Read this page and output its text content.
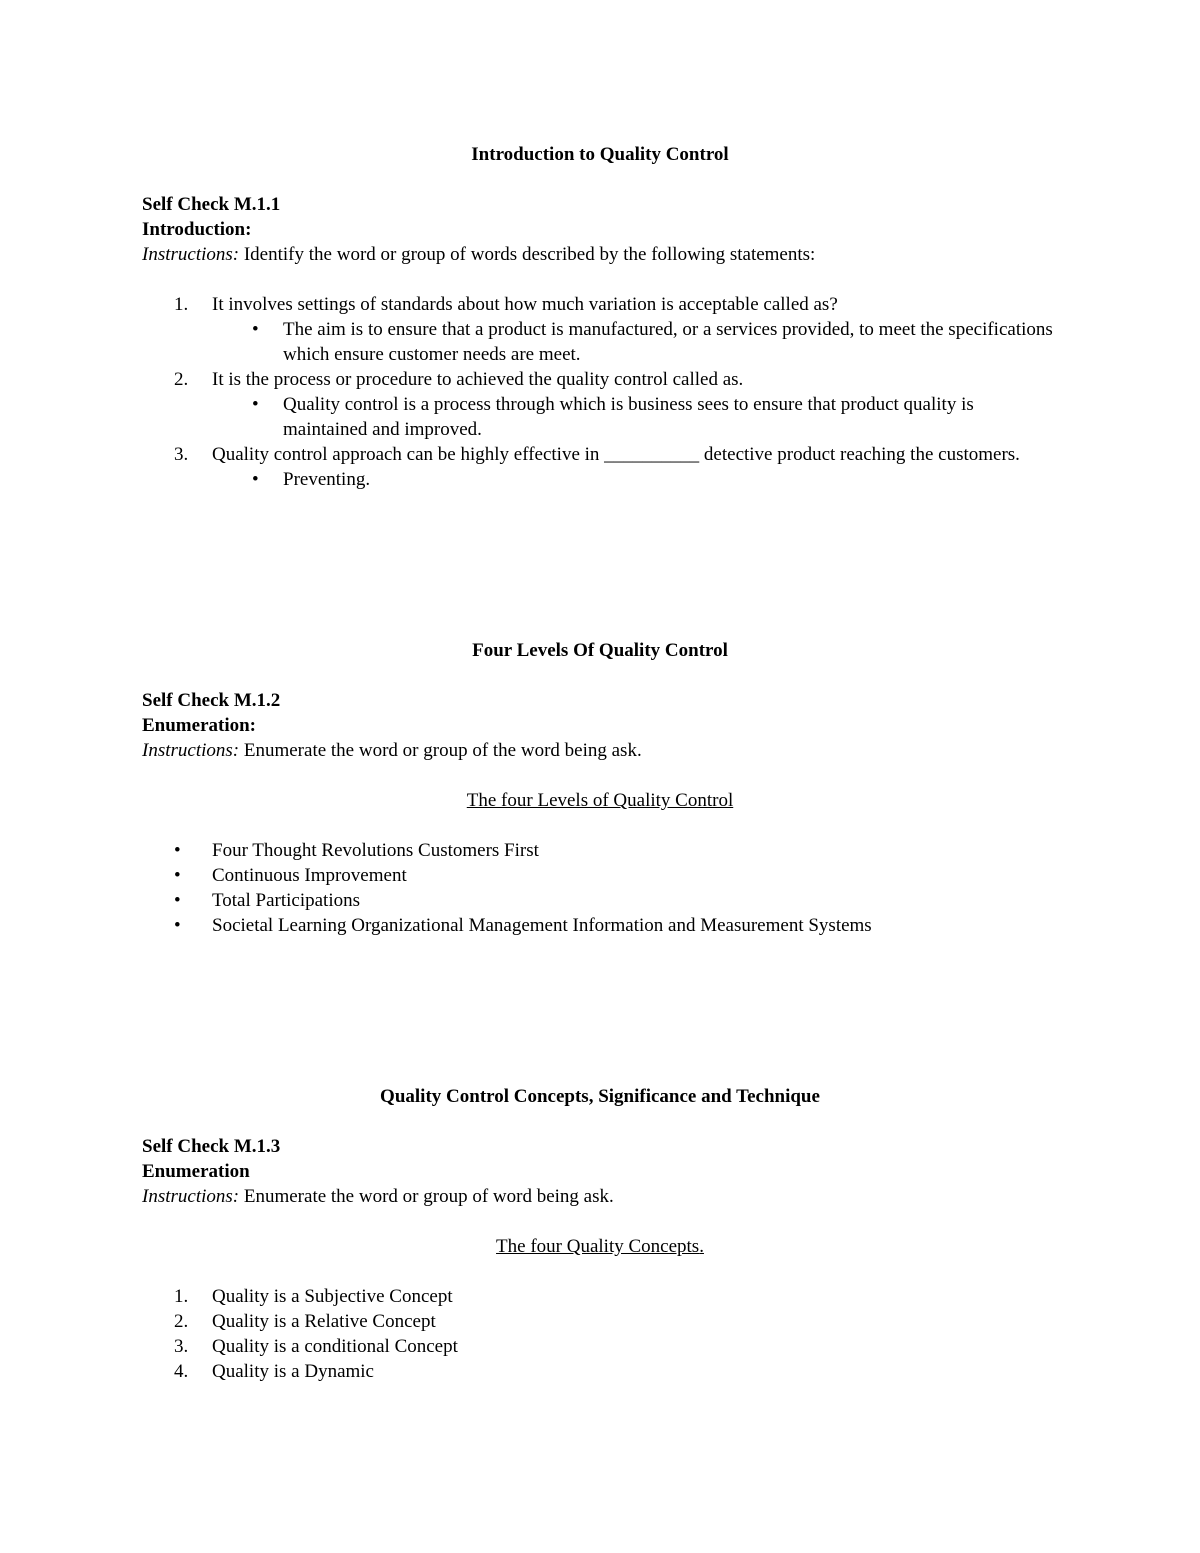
Introduction to Quality Control

Self Check M.1.1

Introduction:

Instructions: Identify the word or group of words described by the following statements:

1. It involves settings of standards about how much variation is acceptable called as?
• The aim is to ensure that a product is manufactured, or a services provided, to meet the specifications which ensure customer needs are meet.
2. It is the process or procedure to achieved the quality control called as.
• Quality control is a process through which is business sees to ensure that product quality is maintained and improved.
3. Quality control approach can be highly effective in __________ detective product reaching the customers.
• Preventing.

Four Levels Of Quality Control

Self Check M.1.2

Enumeration:

Instructions: Enumerate the word or group of the word being ask.

The four Levels of Quality Control

• Four Thought Revolutions Customers First
• Continuous Improvement
• Total Participations
• Societal Learning Organizational Management Information and Measurement Systems

Quality Control Concepts, Significance and Technique

Self Check M.1.3

Enumeration

Instructions: Enumerate the word or group of word being ask.

The four Quality Concepts.

1. Quality is a Subjective Concept
2. Quality is a Relative Concept
3. Quality is a conditional Concept
4. Quality is a Dynamic
